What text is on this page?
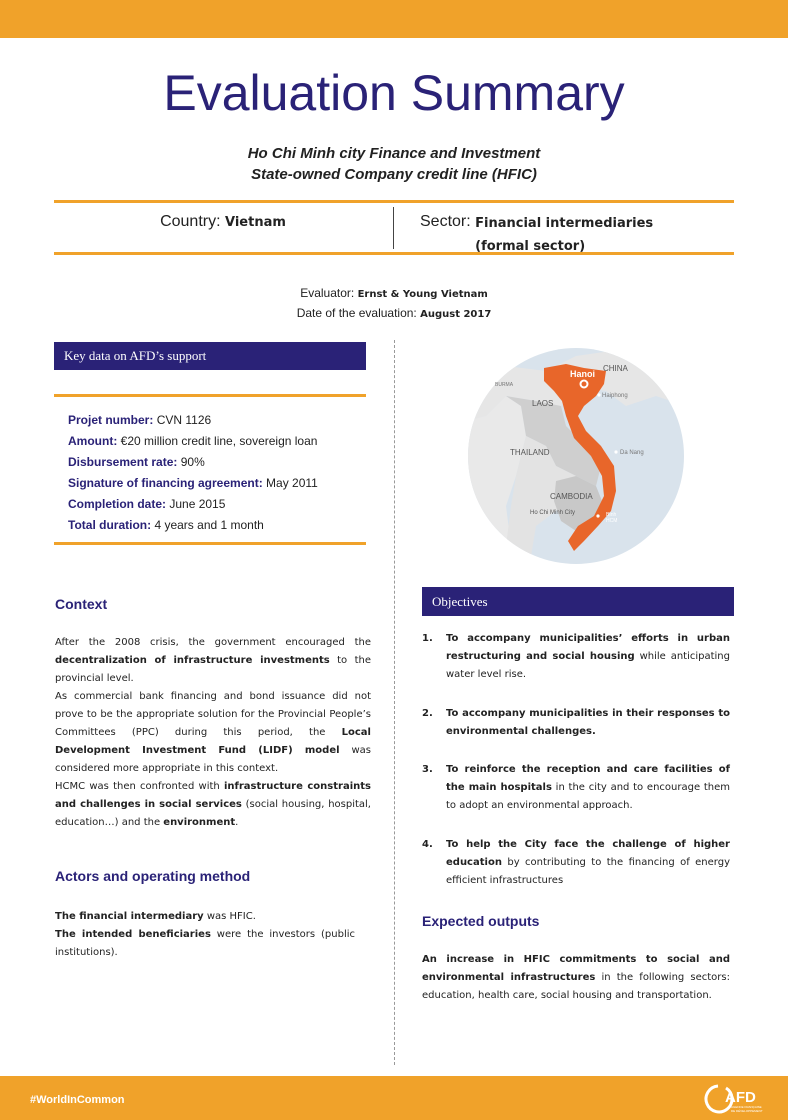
Evaluation Summary
Ho Chi Minh city Finance and Investment
State-owned Company credit line (HFIC)
Country: Vietnam	Sector: Financial intermediaries
(formal sector)
Evaluator: Ernst & Young Vietnam
Date of the evaluation: August 2017
Key data on AFD’s support
Projet number: CVN 1126
Amount: €20 million credit line, sovereign loan
Disbursement rate: 90%
Signature of financing agreement: May 2011
Completion date: June 2015
Total duration: 4 years and 1 month
Hanoi
CHINA
Haiphong
BURMA
LAOS
THAILAND	Da Nang
CAMBODIA
Ho Chi Minh City	Bình
HCM
Context
After the 2008 crisis, the government encouraged the decentralization of infrastructure investments to the provincial level.
As commercial bank financing and bond issuance did not prove to be the appropriate solution for the Provincial People’s Committees (PPC) during this period, the Local Development Investment Fund (LIDF) model was considered more appropriate in this context.
HCMC was then confronted with infrastructure constraints and challenges in social services (social housing, hospital, education…) and the environment.
Actors and operating method
The financial intermediary was HFIC.
The intended beneficiaries were the investors (public institutions).
Objectives
1. To accompany municipalities’ efforts in urban restructuring and social housing while anticipating water level rise.
2. To accompany municipalities in their responses to environmental challenges.
3. To reinforce the reception and care facilities of the main hospitals in the city and to encourage them to adopt an environmental approach.
4. To help the City face the challenge of higher education by contributing to the financing of energy efficient infrastructures
Expected outputs
An increase in HFIC commitments to social and environmental infrastructures in the following sectors: education, health care, social housing and transportation.
#WorldInCommon	AFD
AGENCE FRANÇAISE
DE DÉVELOPPEMENT
